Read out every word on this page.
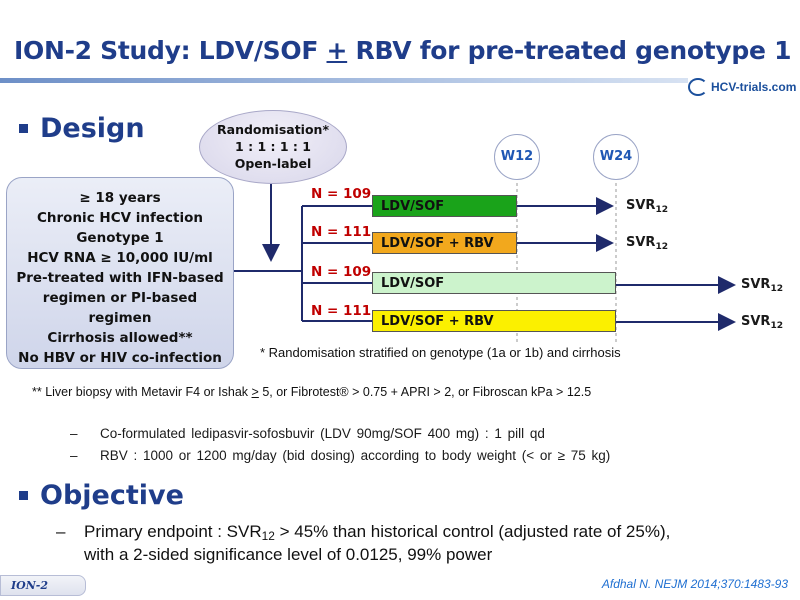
ION-2 Study: LDV/SOF + RBV for pre-treated genotype 1
HCV-trials.com
Design
≥ 18 years
Chronic HCV infection
Genotype 1
HCV RNA ≥ 10,000 IU/ml
Pre-treated with IFN-based
regimen or PI-based
regimen
Cirrhosis allowed**
No HBV or HIV co-infection
Randomisation*
1 : 1 : 1 : 1
Open-label	W12	W24
N = 109
N = 111
N = 109
N = 111
LDV/SOF
LDV/SOF + RBV
LDV/SOF
LDV/SOF + RBV
$SVR_{12}$
$SVR_{12}$
$SVR_{12}$
$SVR_{12}$
* Randomisation stratified on genotype (1a or 1b) and cirrhosis
** Liver biopsy with Metavir F4 or Ishak > 5, or Fibrotest® > 0.75 + APRI > 2, or Fibroscan kPa > 12.5
– Co-formulated ledipasvir-sofosbuvir (LDV 90mg/SOF 400 mg) : 1 pill qd
– RBV : 1000 or 1200 mg/day (bid dosing) according to body weight (< or ≥ 75 kg)
Objective
– Primary endpoint : $SVR_{12} > 45\%$ than historical control (adjusted rate of 25%),
with a 2-sided significance level of 0.0125, 99% power
ION-2	Afdhal N. NEJM 2014;370:1483-93
